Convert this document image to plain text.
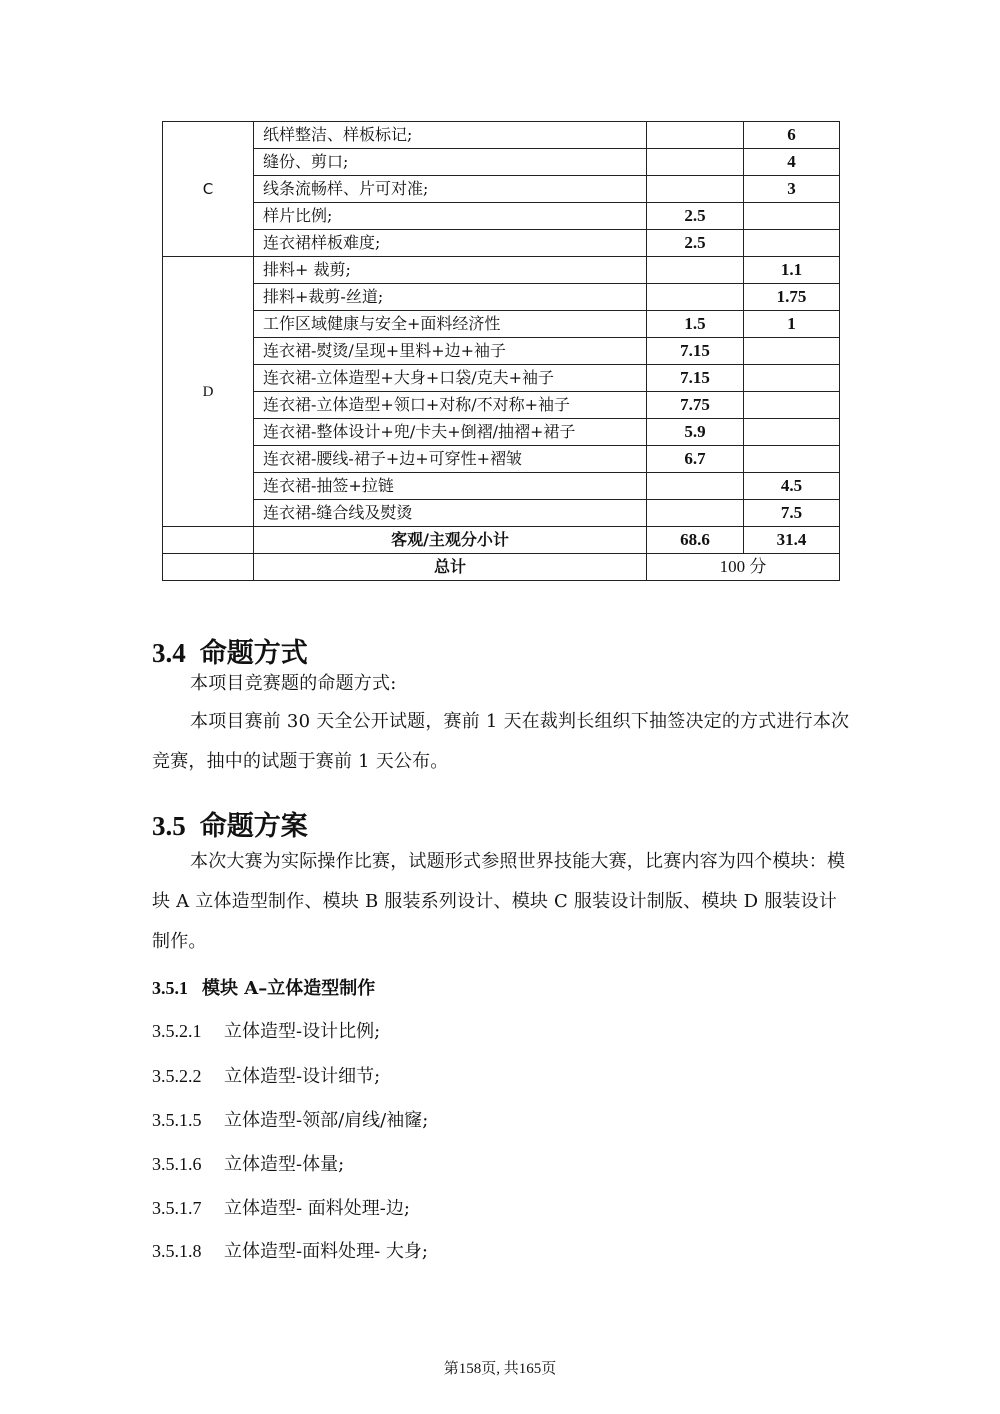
C	纸样整洁、样板标记;		6
	缝份、剪口;		4
	线条流畅样、片可对准;		3
	样片比例;	2.5	
	连衣裙样板难度;	2.5	
D	排料+ 裁剪;		1.1
	排料+裁剪-丝道;		1.75
	工作区域健康与安全+面料经济性	1.5	1
	连衣裙-熨烫/呈现+里料+边+袖子	7.15	
	连衣裙-立体造型+大身+口袋/克夫+袖子	7.15	
	连衣裙-立体造型+领口+对称/不对称+袖子	7.75	
	连衣裙-整体设计+兜/卡夫+倒褶/抽褶+裙子	5.9	
	连衣裙-腰线-裙子+边+可穿性+褶皱	6.7	
	连衣裙-抽签+拉链		4.5
	连衣裙-缝合线及熨烫		7.5
	客观/主观分小计	68.6	31.4
	总计	100 分	
3.4 命题方式

本项目竞赛题的命题方式:

本项目赛前 30 天全公开试题，赛前 1 天在裁判长组织下抽签决定的方式进行本次竞赛，抽中的试题于赛前 1 天公布。

3.5 命题方案

本次大赛为实际操作比赛，试题形式参照世界技能大赛，比赛内容为四个模块：模块 A 立体造型制作、模块 B 服装系列设计、模块 C 服装设计制版、模块 D 服装设计制作。

3.5.1 模块 A–立体造型制作

3.5.2.1 立体造型-设计比例;

3.5.2.2 立体造型-设计细节;

3.5.1.5 立体造型-领部/肩线/袖窿;

3.5.1.6 立体造型-体量;

3.5.1.7 立体造型- 面料处理-边;

3.5.1.8 立体造型-面料处理- 大身;

第158页, 共165页
